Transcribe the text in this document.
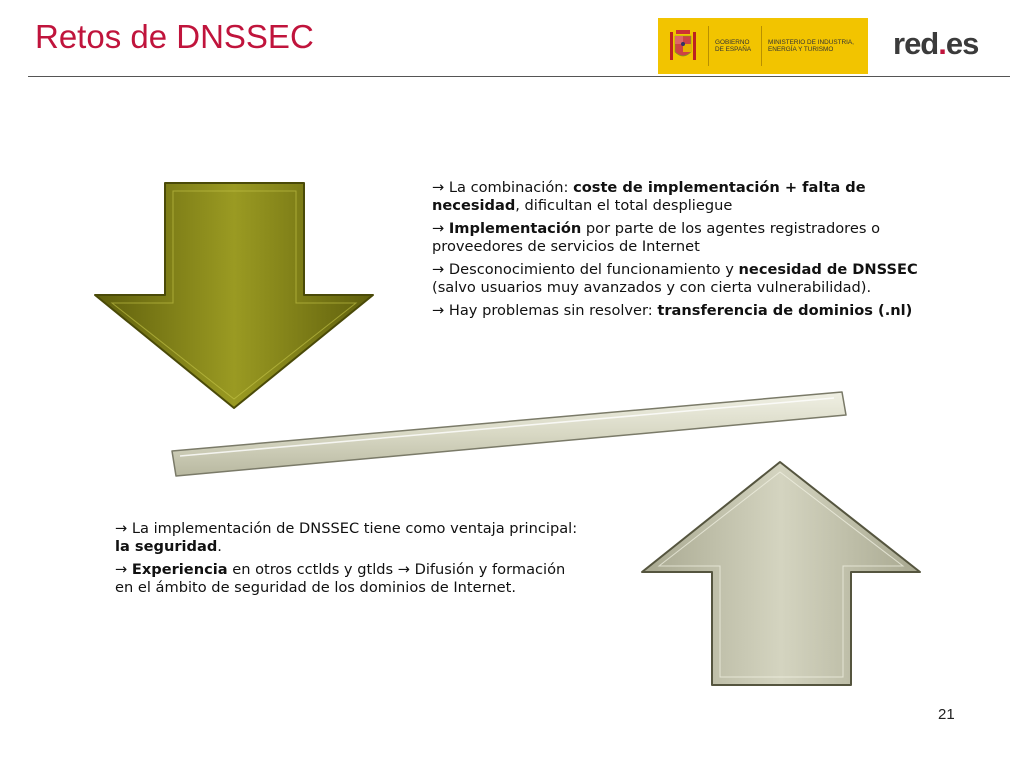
Retos de DNSSEC	GOBIERNO DE ESPAÑA
MINISTERIO DE INDUSTRIA, ENERGÍA Y TURISMO	red.es

→ La combinación: coste de implementación + falta de necesidad, dificultan el total despliegue

→ Implementación por parte de los agentes registradores o proveedores de servicios de Internet

→ Desconocimiento del funcionamiento y necesidad de DNSSEC (salvo usuarios muy avanzados y con cierta vulnerabilidad).

→ Hay problemas sin resolver: transferencia de dominios (.nl)

→ La implementación de DNSSEC tiene como ventaja principal: la seguridad.

→ Experiencia en otros cctlds y gtlds → Difusión y formación en el ámbito de seguridad de los dominios de Internet.

21
